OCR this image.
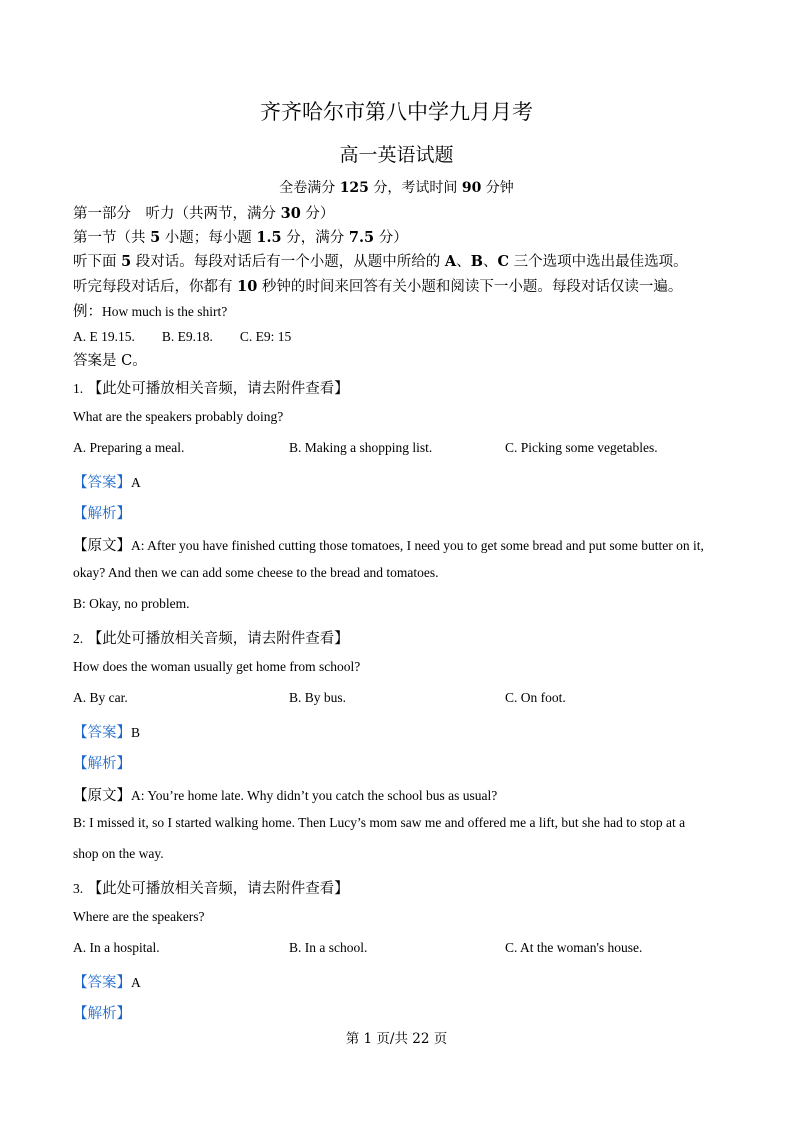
齐齐哈尔市第八中学九月月考
高一英语试题
全卷满分 125 分，考试时间 90 分钟
第一部分　听力（共两节，满分 30 分）
第一节（共 5 小题；每小题 1.5 分，满分 7.5 分）
听下面 5 段对话。每段对话后有一个小题，从题中所给的 A、B、C 三个选项中选出最佳选项。
听完每段对话后，你都有 10 秒钟的时间来回答有关小题和阅读下一小题。每段对话仅读一遍。
例：How much is the shirt?
A. E 19.15.　　B. E9.18.　　C. E9: 15
答案是 C。
1. 【此处可播放相关音频，请去附件查看】
What are the speakers probably doing?
A. Preparing a meal.	B. Making a shopping list.	C. Picking some vegetables.
【答案】A
【解析】
【原文】A: After you have finished cutting those tomatoes, I need you to get some bread and put some butter on it,
okay? And then we can add some cheese to the bread and tomatoes.
B: Okay, no problem.
2. 【此处可播放相关音频，请去附件查看】
How does the woman usually get home from school?
A. By car.	B. By bus.	C. On foot.
【答案】B
【解析】
【原文】A: You’re home late. Why didn’t you catch the school bus as usual?
B: I missed it, so I started walking home. Then Lucy’s mom saw me and offered me a lift, but she had to stop at a
shop on the way.
3. 【此处可播放相关音频，请去附件查看】
Where are the speakers?
A. In a hospital.	B. In a school.	C. At the woman's house.
【答案】A
【解析】
第 1 页/共 22 页
